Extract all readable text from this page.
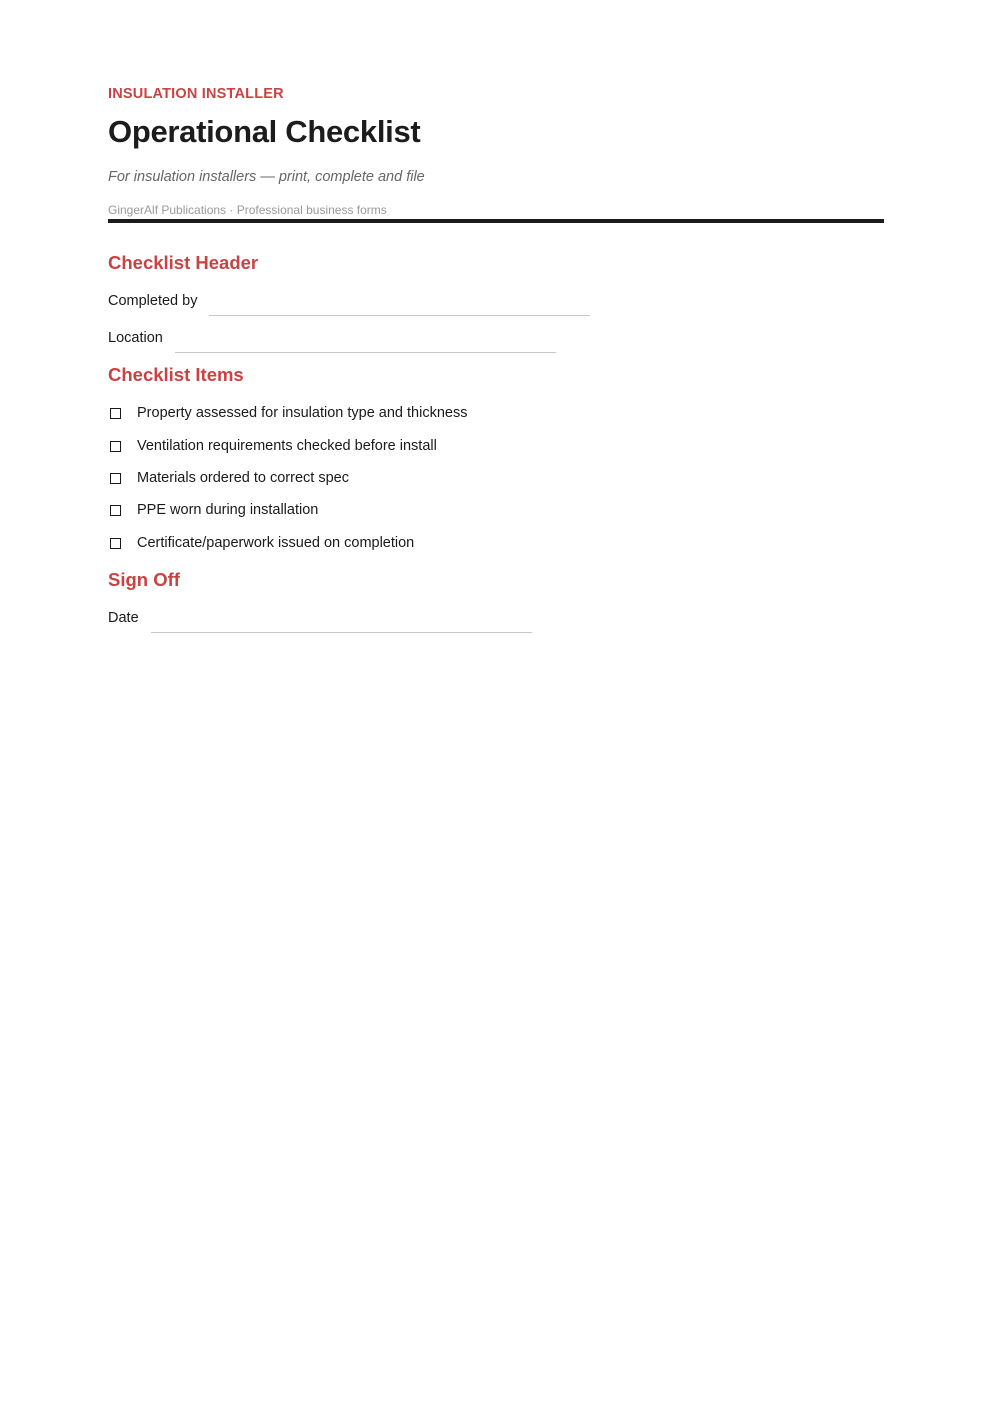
INSULATION INSTALLER
Operational Checklist
For insulation installers — print, complete and file
GingerAlf Publications · Professional business forms
Checklist Header
Completed by
Location
Checklist Items
Property assessed for insulation type and thickness
Ventilation requirements checked before install
Materials ordered to correct spec
PPE worn during installation
Certificate/paperwork issued on completion
Sign Off
Date
